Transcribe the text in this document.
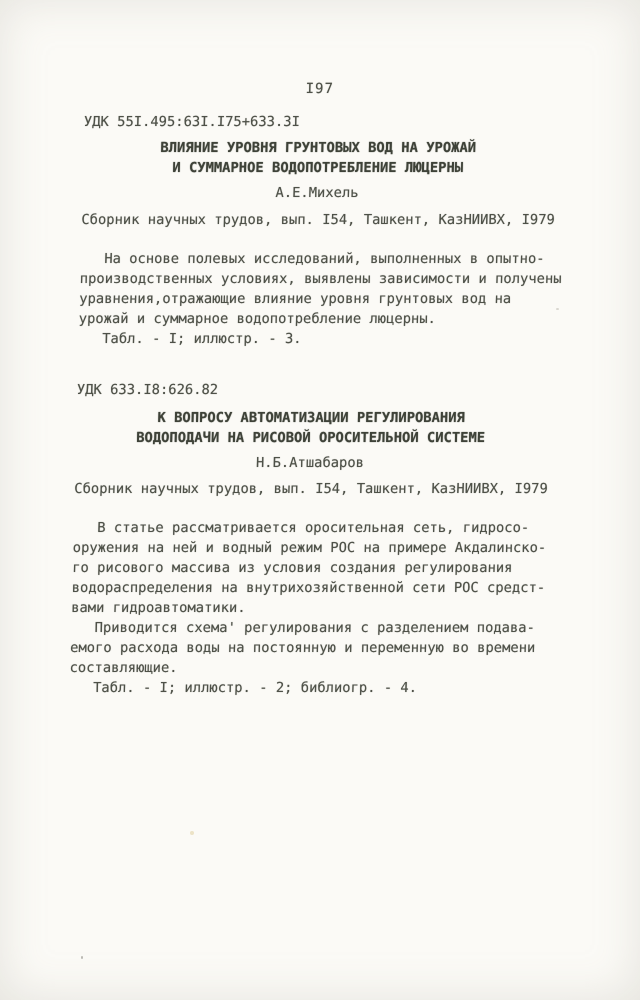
I97
УДК 55I.495:63I.I75+633.3I
ВЛИЯНИЕ УРОВНЯ ГРУНТОВЫХ ВОД НА УРОЖАЙ
И СУММАРНОЕ ВОДОПОТРЕБЛЕНИЕ ЛЮЦЕРНЫ
А.Е.Михель
Сборник научных трудов, вып. I54, Ташкент, КазНИИВХ, I979

На основе полевых исследований, выполненных в опытно-
производственных условиях, выявлены зависимости и получены
уравнения,отражающие влияние уровня грунтовых вод на
урожай и суммарное водопотребление люцерны.

Табл. - I; иллюстр. - 3.

УДК 633.I8:626.82
К ВОПРОСУ АВТОМАТИЗАЦИИ РЕГУЛИРОВАНИЯ
ВОДОПОДАЧИ НА РИСОВОЙ ОРОСИТЕЛЬНОЙ СИСТЕМЕ
Н.Б.Атшабаров
Сборник научных трудов, вып. I54, Ташкент, КазНИИВХ, I979

В статье рассматривается оросительная сеть, гидросо-
оружения на ней и водный режим РОС на примере Акдалинско-
го рисового массива из условия создания регулирования
водораспределения на внутрихозяйственной сети РОС средст-
вами гидроавтоматики.

Приводится схема' регулирования с разделением подава-
емого расхода воды на постоянную и переменную во времени
составляющие.

Табл. - I; иллюстр. - 2; библиогр. - 4.
